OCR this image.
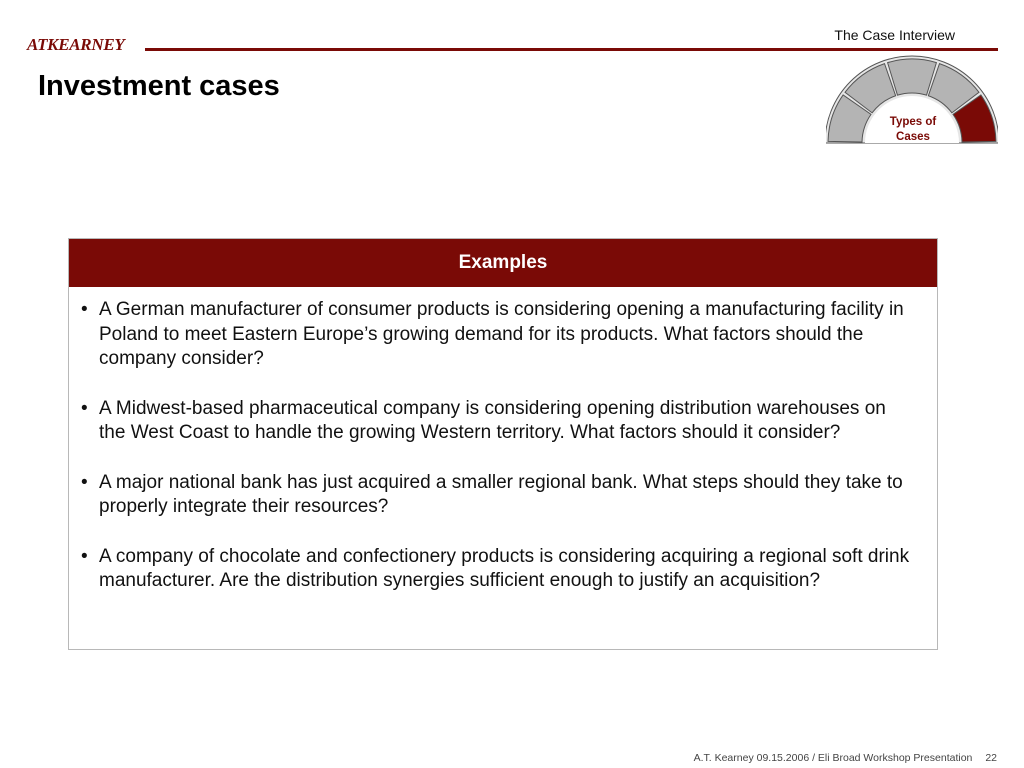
ATKEARNEY	The Case Interview
Investment cases
Types of
Cases
Examples
• A German manufacturer of consumer products is considering opening a manufacturing facility in Poland to meet Eastern Europe’s growing demand for its products. What factors should the company consider?
• A Midwest-based pharmaceutical company is considering opening distribution warehouses on the West Coast to handle the growing Western territory. What factors should it consider?
• A major national bank has just acquired a smaller regional bank. What steps should they take to properly integrate their resources?
• A company of chocolate and confectionery products is considering acquiring a regional soft drink manufacturer. Are the distribution synergies sufficient enough to justify an acquisition?
A.T. Kearney 09.15.2006 / Eli Broad Workshop Presentation 22
